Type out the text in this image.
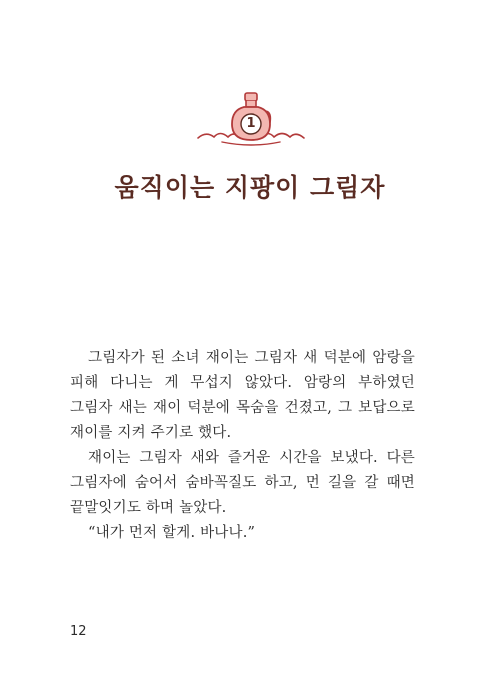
1
움직이는 지팡이 그림자

그림자가 된 소녀 재이는 그림자 새 덕분에 암랑을 피해 다니는 게 무섭지 않았다. 암랑의 부하였던 그림자 새는 재이 덕분에 목숨을 건졌고, 그 보답으로 재이를 지켜 주기로 했다.

재이는 그림자 새와 즐거운 시간을 보냈다. 다른 그림자에 숨어서 숨바꼭질도 하고, 먼 길을 갈 때면 끝말잇기도 하며 놀았다.

“내가 먼저 할게. 바나나.”

12
